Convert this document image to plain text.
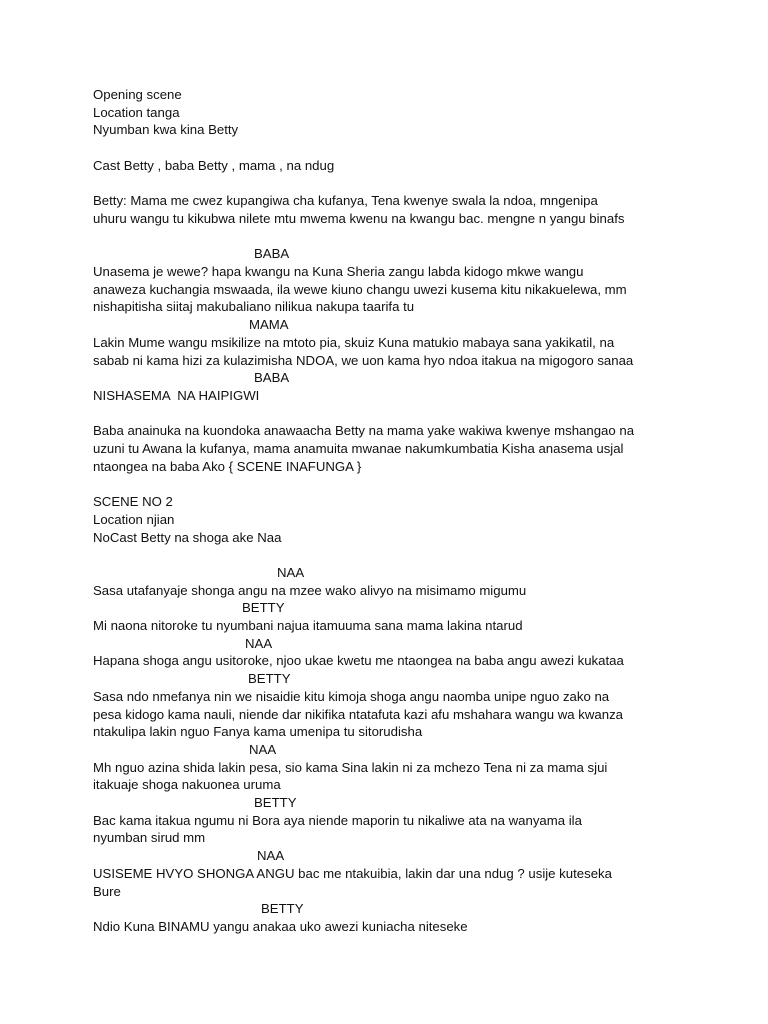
Opening scene
Location tanga
Nyumban kwa kina Betty
Cast Betty , baba Betty , mama , na ndug
Betty: Mama me cwez kupangiwa cha kufanya, Tena kwenye swala la ndoa, mngenipa
uhuru wangu tu kikubwa nilete mtu mwema kwenu na kwangu bac. mengne n yangu binafs
BABA
Unasema je wewe? hapa kwangu na Kuna Sheria zangu labda kidogo mkwe wangu
anaweza kuchangia mswaada, ila wewe kiuno changu uwezi kusema kitu nikakuelewa, mm
nishapitisha siitaj makubaliano nilikua nakupa taarifa tu
MAMA
Lakin Mume wangu msikilize na mtoto pia, skuiz Kuna matukio mabaya sana yakikatil, na
sabab ni kama hizi za kulazimisha NDOA, we uon kama hyo ndoa itakua na migogoro sanaa
BABA
NISHASEMA  NA HAIPIGWI
Baba anainuka na kuondoka anawaacha Betty na mama yake wakiwa kwenye mshangao na
uzuni tu Awana la kufanya, mama anamuita mwanae nakumkumbatia Kisha anasema usjal
ntaongea na baba Ako { SCENE INAFUNGA }
SCENE NO 2
Location njian
NoCast Betty na shoga ake Naa
NAA
Sasa utafanyaje shonga angu na mzee wako alivyo na misimamo migumu
BETTY
Mi naona nitoroke tu nyumbani najua itamuuma sana mama lakina ntarud
NAA
Hapana shoga angu usitoroke, njoo ukae kwetu me ntaongea na baba angu awezi kukataa
BETTY
Sasa ndo nmefanya nin we nisaidie kitu kimoja shoga angu naomba unipe nguo zako na
pesa kidogo kama nauli, niende dar nikifika ntatafuta kazi afu mshahara wangu wa kwanza
ntakulipa lakin nguo Fanya kama umenipa tu sitorudisha
NAA
Mh nguo azina shida lakin pesa, sio kama Sina lakin ni za mchezo Tena ni za mama sjui
itakuaje shoga nakuonea uruma
BETTY
Bac kama itakua ngumu ni Bora aya niende maporin tu nikaliwe ata na wanyama ila
nyumban sirud mm
NAA
USISEME HVYO SHONGA ANGU bac me ntakuibia, lakin dar una ndug ? usije kuteseka
Bure
BETTY
Ndio Kuna BINAMU yangu anakaa uko awezi kuniacha niteseke
